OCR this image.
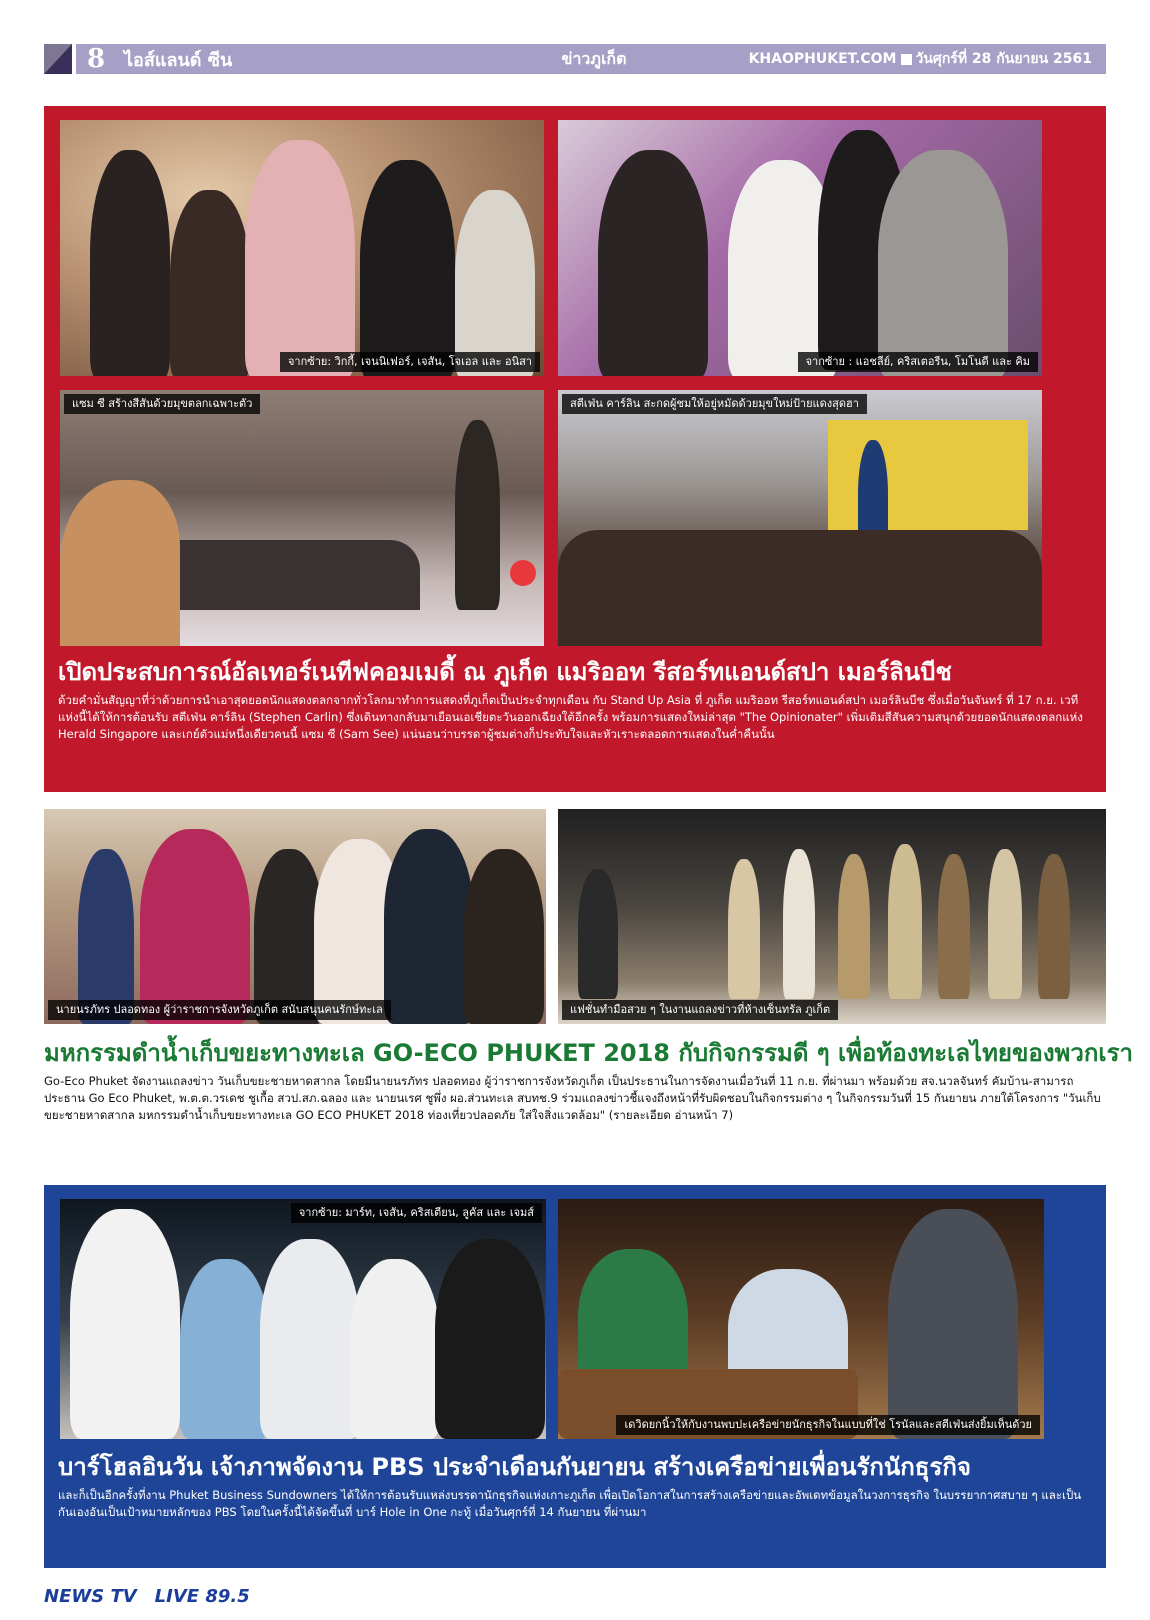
8	ไอส์แลนด์ ซีน	ข่าวภูเก็ต	KHAOPHUKET.COM วันศุกร์ที่ 28 กันยายน 2561
จากซ้าย: วิกกี้, เจนนิเฟอร์, เจสัน, โจเอล และ อนิสา	จากซ้าย : แอชลีย์, คริสเตอรีน, โมโนดี และ คิม
แซม ซี สร้างสีสันด้วยมุขตลกเฉพาะตัว	สตีเฟ่น คาร์ลิน สะกดผู้ชมให้อยู่หมัดด้วยมุขใหม่ป้ายแดงสุดฮา
เปิดประสบการณ์อัลเทอร์เนทีฟคอมเมดี้ ณ ภูเก็ต แมริออท รีสอร์ทแอนด์สปา เมอร์ลินบีช
ด้วยคำมั่นสัญญาที่ว่าด้วยการนำเอาสุดยอดนักแสดงตลกจากทั่วโลกมาทำการแสดงที่ภูเก็ตเป็นประจำทุกเดือน กับ Stand Up Asia ที่ ภูเก็ต แมริออท รีสอร์ทแอนด์สปา เมอร์ลินบีช ซึ่งเมื่อวันจันทร์ ที่ 17 ก.ย. เวทีแห่งนี้ได้ให้การต้อนรับ สตีเฟ่น คาร์ลิน (Stephen Carlin) ซึ่งเดินทางกลับมาเยือนเอเชียตะวันออกเฉียงใต้อีกครั้ง พร้อมการแสดงใหม่ล่าสุด "The Opinionater" เพิ่มเติมสีสันความสนุกด้วยยอดนักแสดงตลกแห่ง Herald Singapore และเกย์ตัวแม่หนึ่งเดียวคนนี้ แซม ซี (Sam See) แน่นอนว่าบรรดาผู้ชมต่างก็ประทับใจและหัวเราะตลอดการแสดงในค่ำคืนนั้น
นายนรภัทร ปลอดทอง ผู้ว่าราชการจังหวัดภูเก็ต สนับสนุนคนรักษ์ทะเล	แฟชั่นทำมือสวย ๆ ในงานแถลงข่าวที่ห้างเซ็นทรัล ภูเก็ต
มหกรรมดำน้ำเก็บขยะทางทะเล GO-ECO PHUKET 2018 กับกิจกรรมดี ๆ เพื่อท้องทะเลไทยของพวกเรา
Go-Eco Phuket จัดงานแถลงข่าว วันเก็บขยะชายหาดสากล โดยมีนายนรภัทร ปลอดทอง ผู้ว่าราชการจังหวัดภูเก็ต เป็นประธานในการจัดงานเมื่อวันที่ 11 ก.ย. ที่ผ่านมา พร้อมด้วย สจ.นวลจันทร์ คัมบ้าน-สามารถ ประธาน Go Eco Phuket, พ.ต.ต.วรเดช ชูเกื้อ สวป.สภ.ฉลอง และ นายนเรศ ชูพึ่ง ผอ.ส่วนทะเล สบทช.9 ร่วมแถลงข่าวชี้แจงถึงหน้าที่รับผิดชอบในกิจกรรมต่าง ๆ ในกิจกรรมวันที่ 15 กันยายน ภายใต้โครงการ "วันเก็บขยะชายหาดสากล มหกรรมดำน้ำเก็บขยะทางทะเล GO ECO PHUKET 2018 ท่องเที่ยวปลอดภัย ใส่ใจสิ่งแวดล้อม" (รายละเอียด อ่านหน้า 7)
จากซ้าย: มาร์ท, เจสัน, คริสเตียน, ลูคัส และ เจมส์
เดวิดยกนิ้วให้กับงานพบปะเครือข่ายนักธุรกิจในแบบที่ใช่ โรนัลและสตีเฟ่นส่งยิ้มเห็นด้วย
บาร์โฮลอินวัน เจ้าภาพจัดงาน PBS ประจำเดือนกันยายน สร้างเครือข่ายเพื่อนรักนักธุรกิจ
และก็เป็นอีกครั้งที่งาน Phuket Business Sundowners ได้ให้การต้อนรับแหล่งบรรดานักธุรกิจแห่งเกาะภูเก็ต เพื่อเปิดโอกาสในการสร้างเครือข่ายและอัพเดทข้อมูลในวงการธุรกิจ ในบรรยากาศสบาย ๆ และเป็นกันเองอันเป็นเป้าหมายหลักของ PBS โดยในครั้งนี้ได้จัดขึ้นที่ บาร์ Hole in One กะทู้ เมื่อวันศุกร์ที่ 14 กันยายน ที่ผ่านมา
NEWS TV LIVE 89.5
